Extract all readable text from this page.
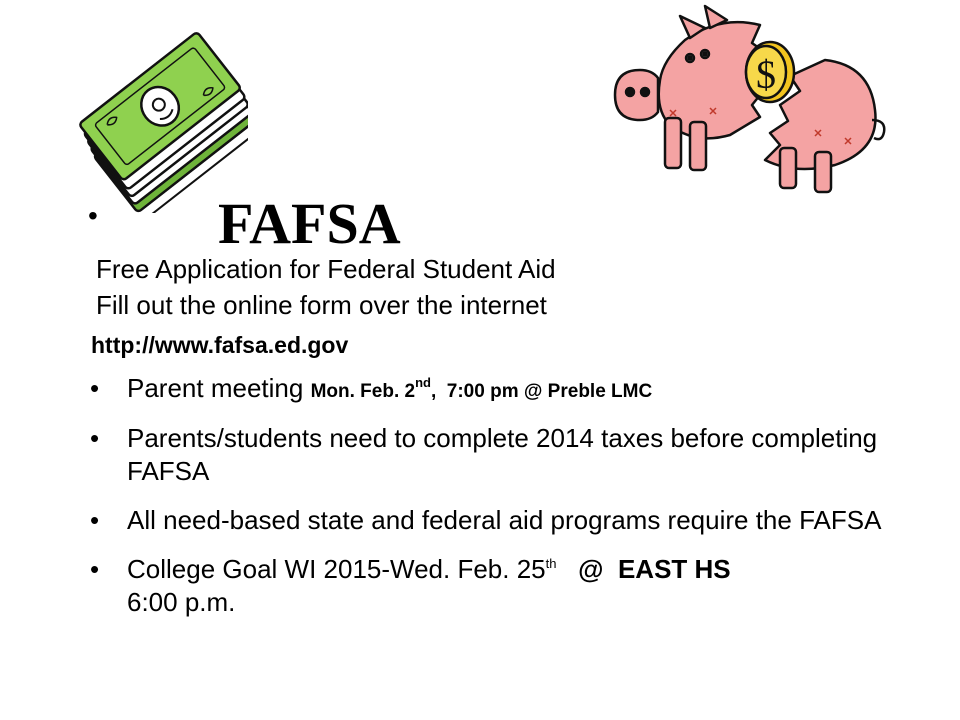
$
• FAFSA
Free Application for Federal Student Aid
Fill out the online form over the internet
http://www.fafsa.ed.gov
• Parent meeting Mon. Feb. 2nd,  7:00 pm @ Preble LMC
• Parents/students need to complete 2014 taxes before completing FAFSA
• All need-based state and federal aid programs require the FAFSA
• College Goal WI 2015-Wed. Feb. 25th   @  EAST HS
6:00 p.m.
